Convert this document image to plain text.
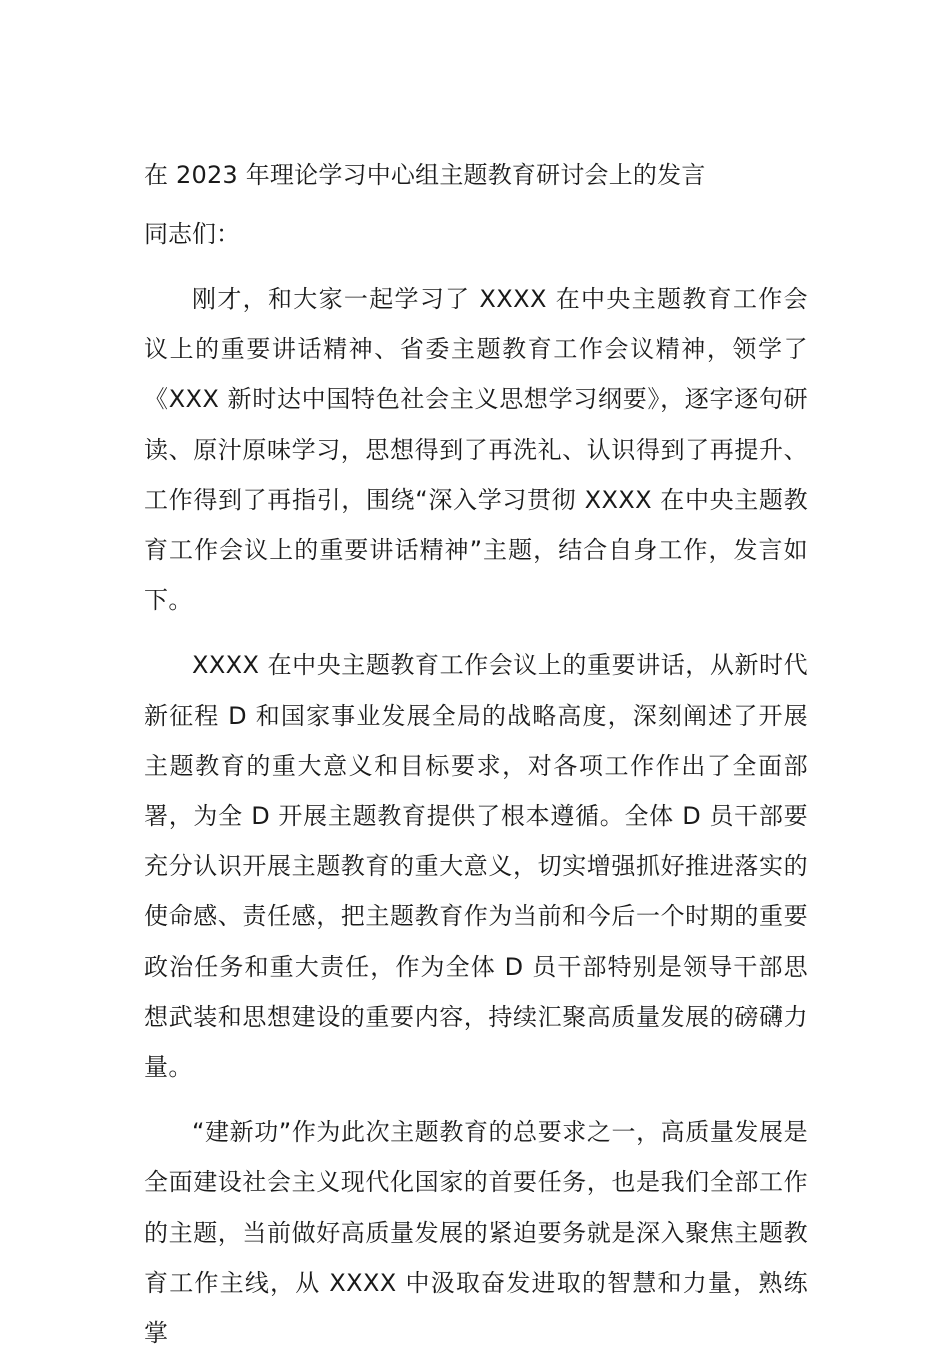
在 2023 年理论学习中心组主题教育研讨会上的发言

同志们：

刚才，和大家一起学习了 XXXX 在中央主题教育工作会议上的重要讲话精神、省委主题教育工作会议精神，领学了《XXX 新时达中国特色社会主义思想学习纲要》，逐字逐句研读、原汁原味学习，思想得到了再洗礼、认识得到了再提升、工作得到了再指引，围绕“深入学习贯彻 XXXX 在中央主题教育工作会议上的重要讲话精神”主题，结合自身工作，发言如下。

XXXX 在中央主题教育工作会议上的重要讲话，从新时代新征程 D 和国家事业发展全局的战略高度，深刻阐述了开展主题教育的重大意义和目标要求，对各项工作作出了全面部署，为全 D 开展主题教育提供了根本遵循。全体 D 员干部要充分认识开展主题教育的重大意义，切实增强抓好推进落实的使命感、责任感，把主题教育作为当前和今后一个时期的重要政治任务和重大责任，作为全体 D 员干部特别是领导干部思想武装和思想建设的重要内容，持续汇聚高质量发展的磅礴力量。

“建新功”作为此次主题教育的总要求之一，高质量发展是全面建设社会主义现代化国家的首要任务，也是我们全部工作的主题，当前做好高质量发展的紧迫要务就是深入聚焦主题教育工作主线，从 XXXX 中汲取奋发进取的智慧和力量，熟练掌
